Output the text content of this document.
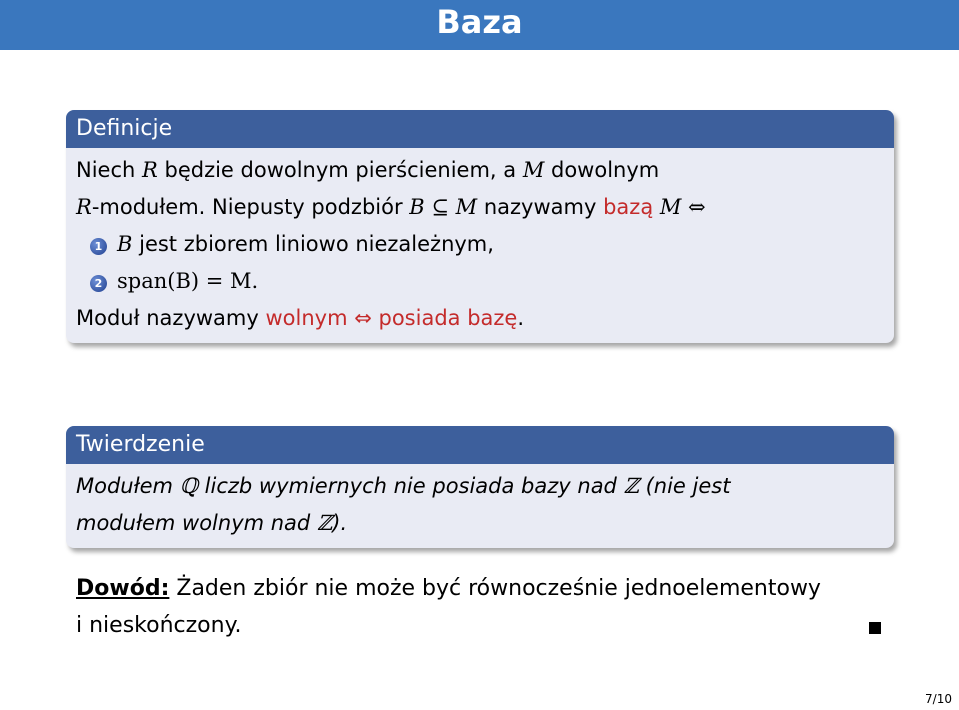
Baza
Definicje
Niech R będzie dowolnym pierścieniem, a M dowolnym
R-modułem. Niepusty podzbiór B ⊆ M nazywamy bazą M ⇔
1 B jest zbiorem liniowo niezależnym,
2 span(B) = M.
Moduł nazywamy wolnym ⇔ posiada bazę.
Twierdzenie
Modułem ℚ liczb wymiernych nie posiada bazy nad ℤ (nie jest
modułem wolnym nad ℤ).
Dowód: Żaden zbiór nie może być równocześnie jednoelementowy
i nieskończony.
7/10
